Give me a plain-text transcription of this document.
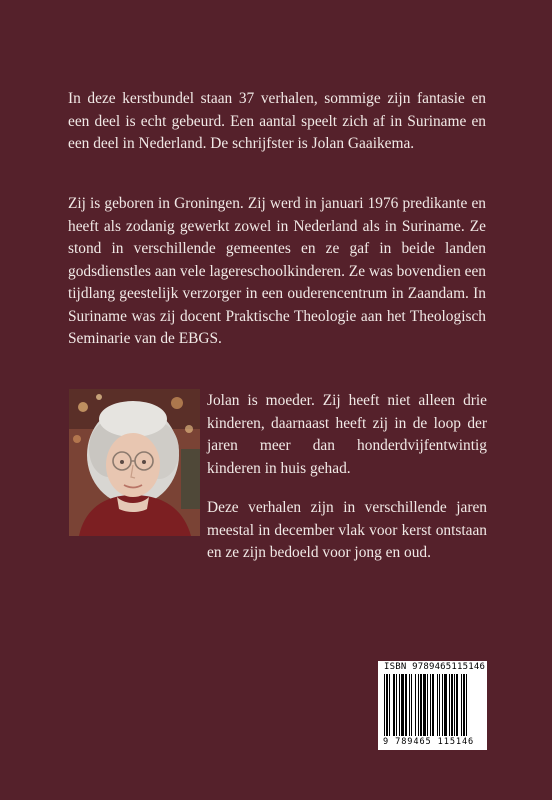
In deze kerstbundel staan 37 verhalen, sommige zijn fantasie en een deel is echt gebeurd. Een aantal speelt zich af in Suriname en een deel in Nederland. De schrijfster is Jolan Gaaikema.

Zij is geboren in Groningen. Zij werd in januari 1976 predikante en heeft als zodanig gewerkt zowel in Nederland als in Suriname. Ze stond in verschillende gemeentes en ze gaf in beide landen godsdienstles aan vele lagereschoolkinderen. Ze was bovendien een tijdlang geestelijk verzorger in een ouderencentrum in Zaandam. In Suriname was zij docent Praktische Theologie aan het Theologisch Seminarie van de EBGS.

Jolan is moeder. Zij heeft niet alleen drie kinderen, daarnaast heeft zij in de loop der jaren meer dan honderdvijfentwintig kinderen in huis gehad.

Deze verhalen zijn in verschillende jaren meestal in december vlak voor kerst ontstaan en ze zijn bedoeld voor jong en oud.

ISBN 9789465115146
9 789465 115146
